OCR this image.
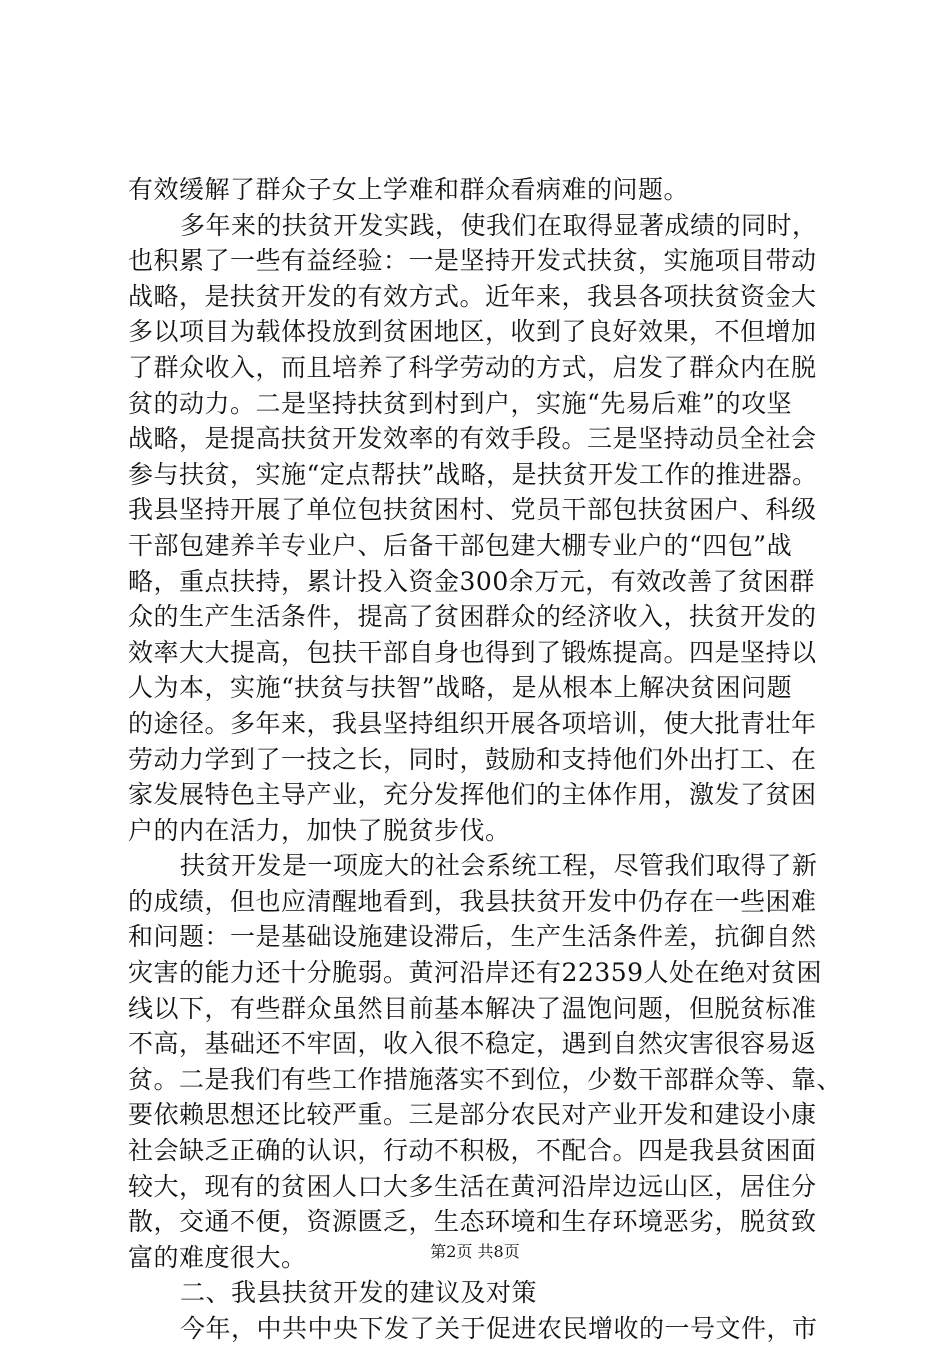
有效缓解了群众子女上学难和群众看病难的问题。
多年来的扶贫开发实践，使我们在取得显著成绩的同时，
也积累了一些有益经验：一是坚持开发式扶贫，实施项目带动
战略，是扶贫开发的有效方式。近年来，我县各项扶贫资金大
多以项目为载体投放到贫困地区，收到了良好效果，不但增加
了群众收入，而且培养了科学劳动的方式，启发了群众内在脱
贫的动力。二是坚持扶贫到村到户，实施“先易后难”的攻坚
战略，是提高扶贫开发效率的有效手段。三是坚持动员全社会
参与扶贫，实施“定点帮扶”战略，是扶贫开发工作的推进器。
我县坚持开展了单位包扶贫困村、党员干部包扶贫困户、科级
干部包建养羊专业户、后备干部包建大棚专业户的“四包”战
略，重点扶持，累计投入资金300余万元，有效改善了贫困群
众的生产生活条件，提高了贫困群众的经济收入，扶贫开发的
效率大大提高，包扶干部自身也得到了锻炼提高。四是坚持以
人为本，实施“扶贫与扶智”战略，是从根本上解决贫困问题
的途径。多年来，我县坚持组织开展各项培训，使大批青壮年
劳动力学到了一技之长，同时，鼓励和支持他们外出打工、在
家发展特色主导产业，充分发挥他们的主体作用，激发了贫困
户的内在活力，加快了脱贫步伐。
扶贫开发是一项庞大的社会系统工程，尽管我们取得了新
的成绩，但也应清醒地看到，我县扶贫开发中仍存在一些困难
和问题：一是基础设施建设滞后，生产生活条件差，抗御自然
灾害的能力还十分脆弱。黄河沿岸还有22359人处在绝对贫困
线以下，有些群众虽然目前基本解决了温饱问题，但脱贫标准
不高，基础还不牢固，收入很不稳定，遇到自然灾害很容易返
贫。二是我们有些工作措施落实不到位，少数干部群众等、靠、
要依赖思想还比较严重。三是部分农民对产业开发和建设小康
社会缺乏正确的认识，行动不积极，不配合。四是我县贫困面
较大，现有的贫困人口大多生活在黄河沿岸边远山区，居住分
散，交通不便，资源匮乏，生态环境和生存环境恶劣，脱贫致
富的难度很大。
二、我县扶贫开发的建议及对策
今年，中共中央下发了关于促进农民增收的一号文件，市
第2页 共8页
